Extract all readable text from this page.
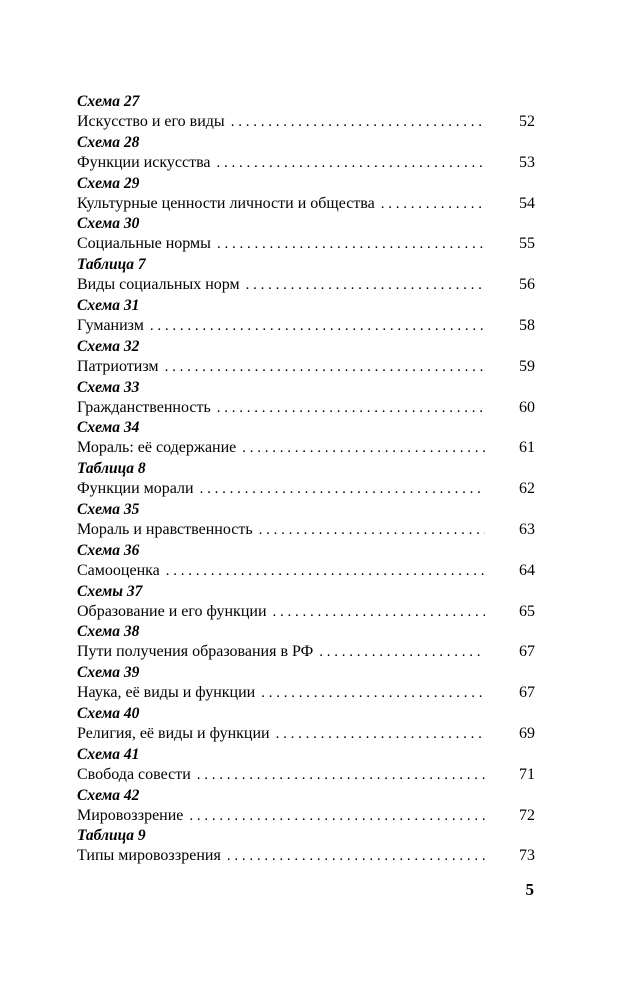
Схема 27
Искусство и его виды . . .	52
Схема 28
Функции искусства . . .	53
Схема 29
Культурные ценности личности и общества . . .	54
Схема 30
Социальные нормы . . .	55
Таблица 7
Виды социальных норм . . .	56
Схема 31
Гуманизм . . .	58
Схема 32
Патриотизм . . .	59
Схема 33
Гражданственность . . .	60
Схема 34
Мораль: её содержание . . .	61
Таблица 8
Функции морали . . .	62
Схема 35
Мораль и нравственность . . .	63
Схема 36
Самооценка . . .	64
Схемы 37
Образование и его функции . . .	65
Схема 38
Пути получения образования в РФ . . .	67
Схема 39
Наука, её виды и функции . . .	67
Схема 40
Религия, её виды и функции . . .	69
Схема 41
Свобода совести . . .	71
Схема 42
Мировоззрение . . .	72
Таблица 9
Типы мировоззрения . . .	73
5
